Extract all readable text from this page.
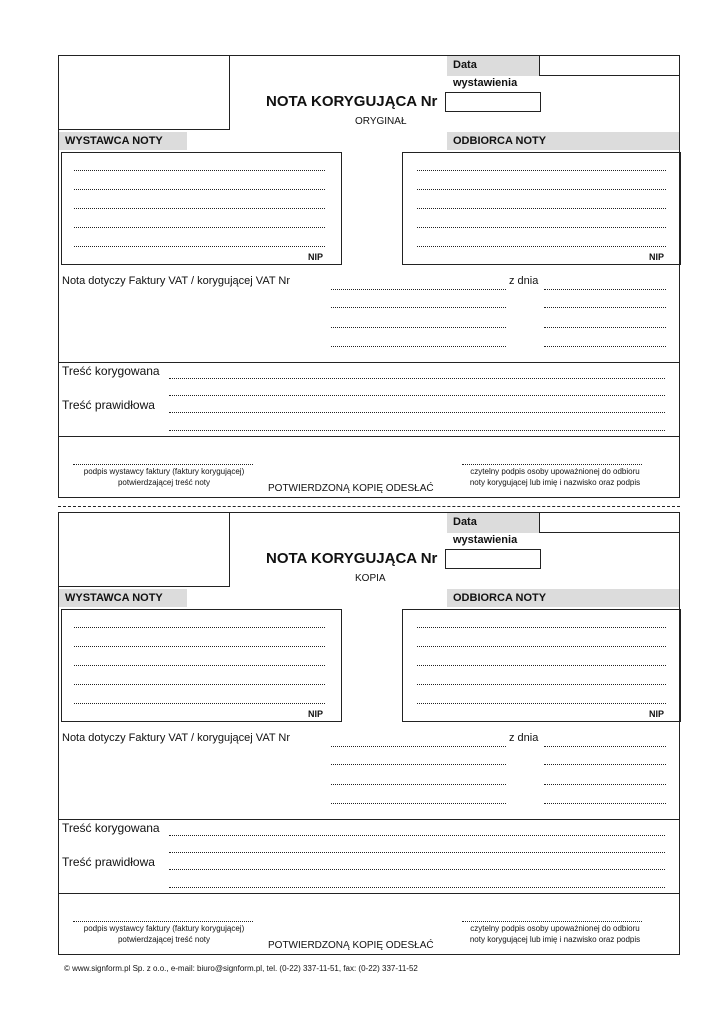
Data wystawienia
NOTA KORYGUJĄCA Nr
ORYGINAŁ
WYSTAWCA NOTY	ODBIORCA NOTY
NIP	NIP
Nota dotyczy Faktury VAT / korygującej VAT Nr	z dnia
Treść korygowana
Treść prawidłowa
podpis wystawcy faktury (faktury korygującej)
potwierdzającej treść noty
czytelny podpis osoby upoważnionej do odbioru
noty korygującej lub imię i nazwisko oraz podpis
POTWIERDZONĄ KOPIĘ ODESŁAĆ
Data wystawienia
NOTA KORYGUJĄCA Nr
KOPIA
WYSTAWCA NOTY	ODBIORCA NOTY
NIP	NIP
Nota dotyczy Faktury VAT / korygującej VAT Nr	z dnia
Treść korygowana
Treść prawidłowa
podpis wystawcy faktury (faktury korygującej)
potwierdzającej treść noty
czytelny podpis osoby upoważnionej do odbioru
noty korygującej lub imię i nazwisko oraz podpis
POTWIERDZONĄ KOPIĘ ODESŁAĆ
© www.signform.pl Sp. z o.o., e-mail: biuro@signform.pl, tel. (0-22) 337-11-51, fax: (0-22) 337-11-52
